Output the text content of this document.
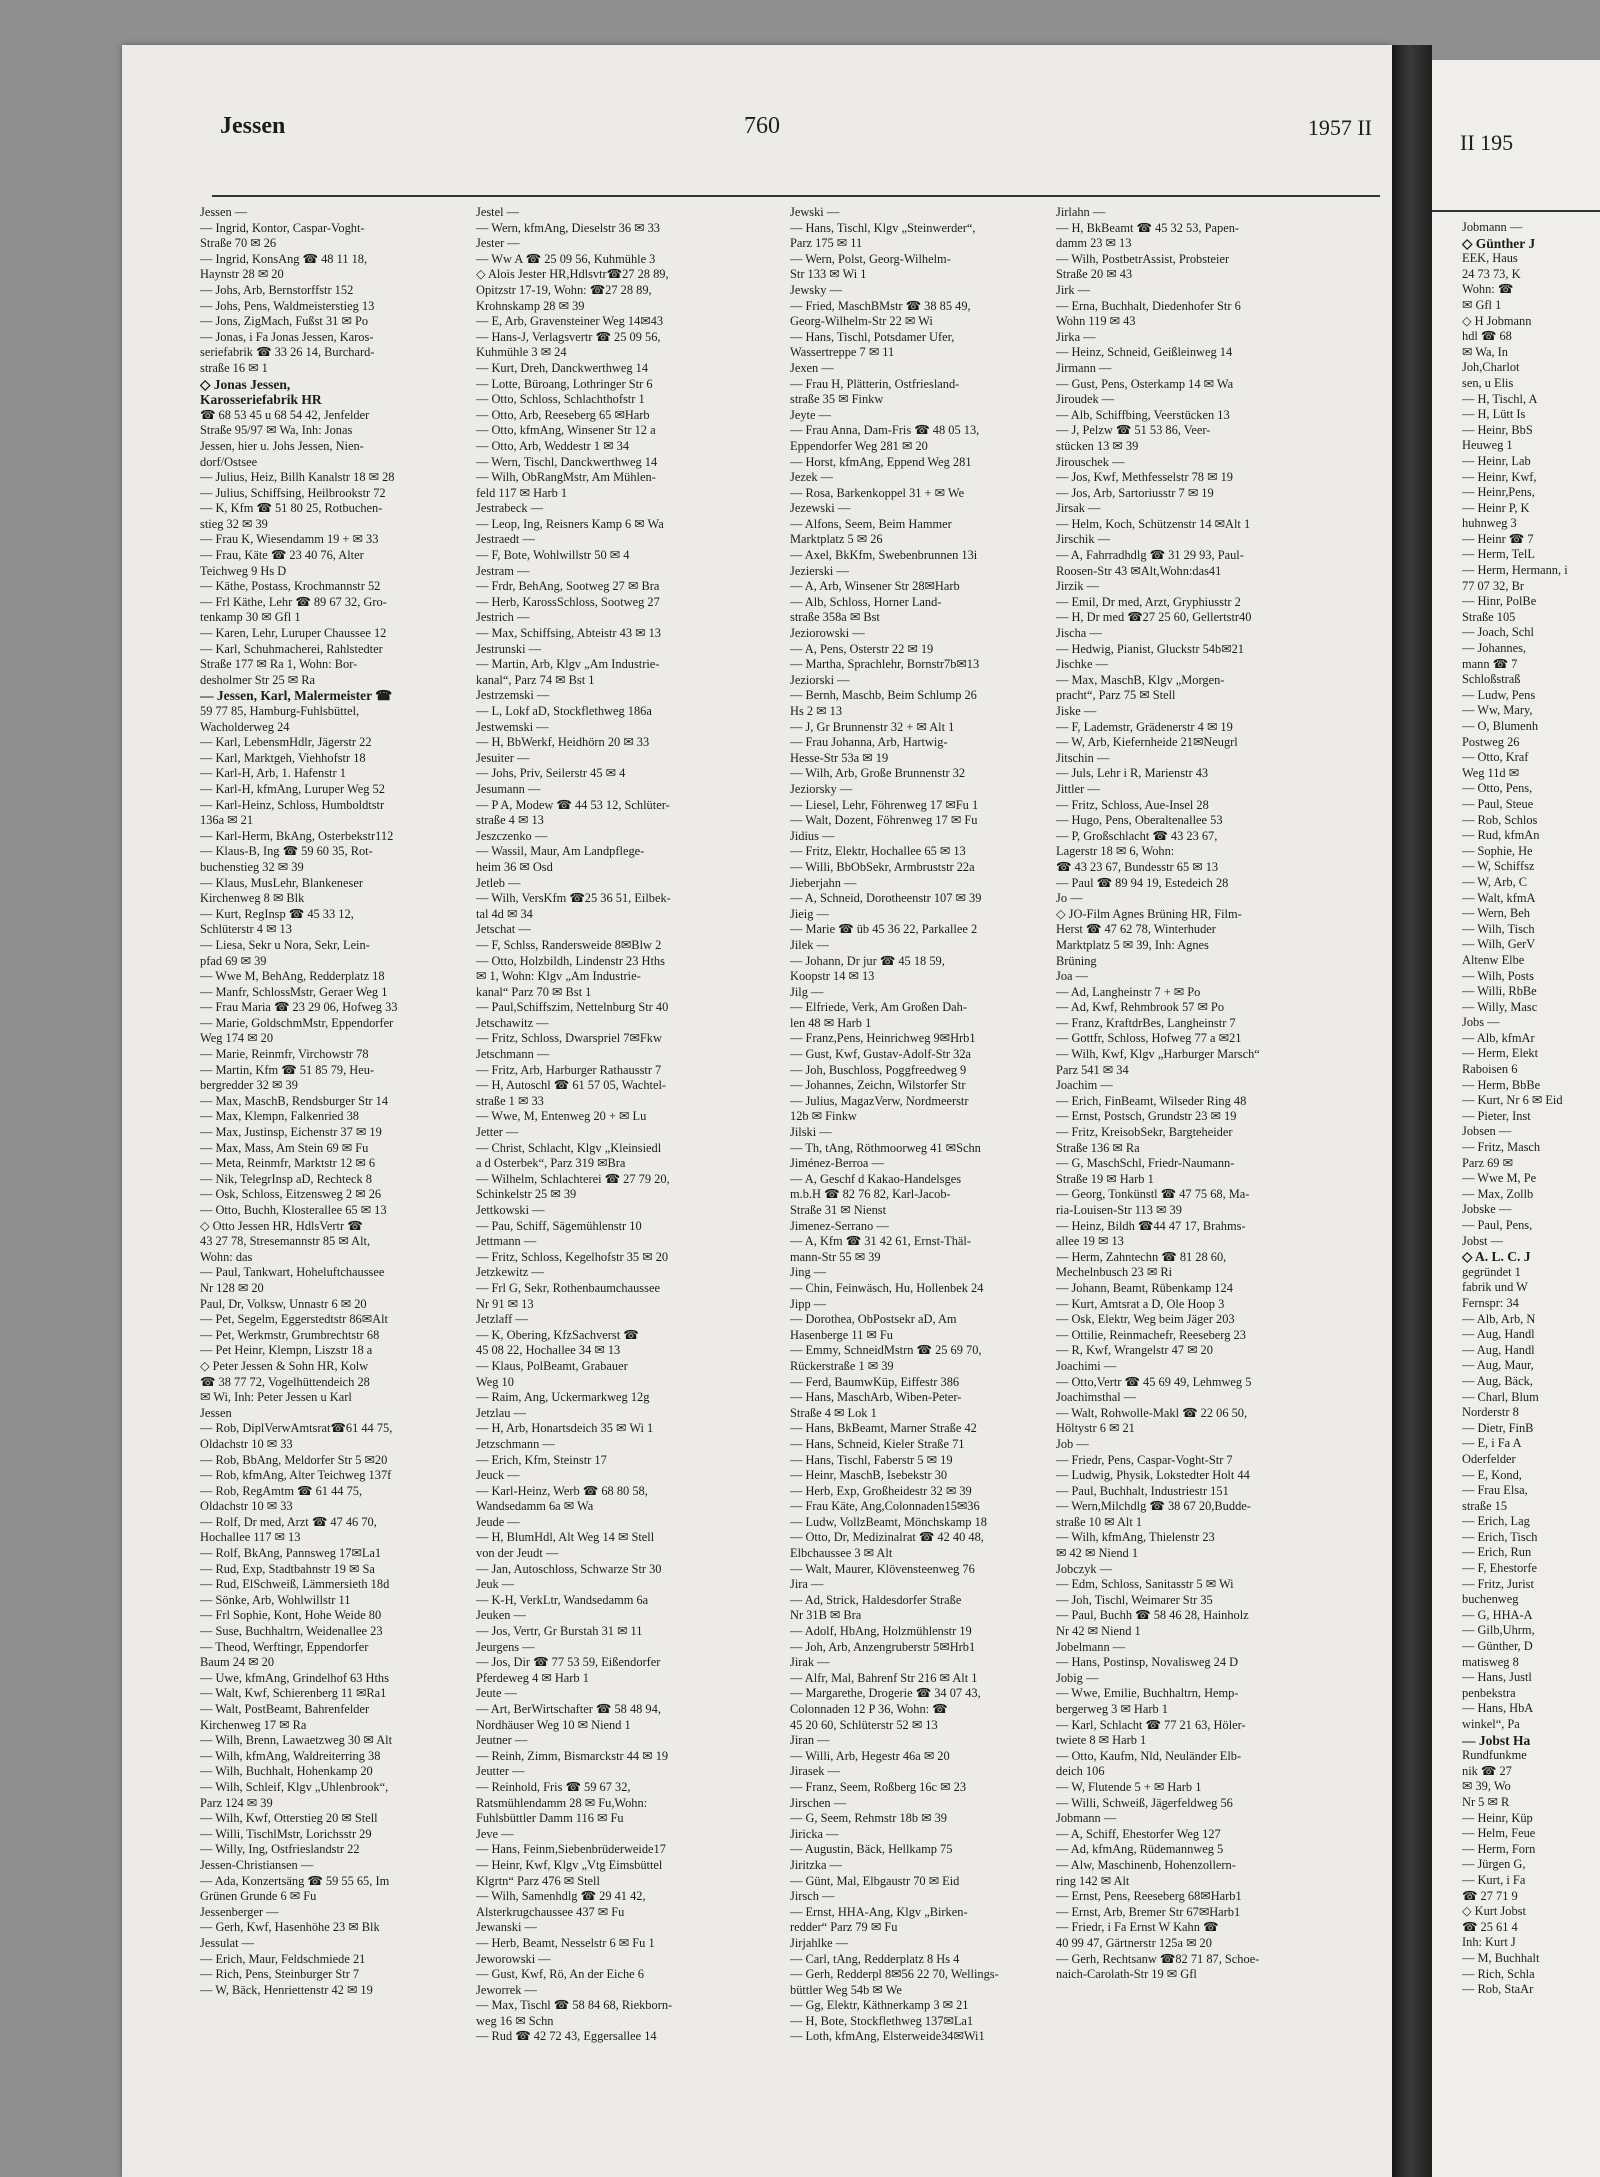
Jessen	760	1957 II
Jessen —
— Ingrid, Kontor, Caspar-Voght-
Straße 70 ✉ 26
— Ingrid, KonsAng ☎ 48 11 18,
Haynstr 28 ✉ 20
— Johs, Arb, Bernstorffstr 152
— Johs, Pens, Waldmeisterstieg 13
— Jons, ZigMach, Fußst 31 ✉ Po
— Jonas, i Fa Jonas Jessen, Karos-
seriefabrik ☎ 33 26 14, Burchard-
straße 16 ✉ 1
◇ Jonas Jessen,
Karosseriefabrik HR
☎ 68 53 45 u 68 54 42, Jenfelder
Straße 95/97 ✉ Wa, Inh: Jonas
Jessen, hier u. Johs Jessen, Nien-
dorf/Ostsee
— Julius, Heiz, Billh Kanalstr 18 ✉ 28
— Julius, Schiffsing, Heilbrookstr 72
— K, Kfm ☎ 51 80 25, Rotbuchen-
stieg 32 ✉ 39
— Frau K, Wiesendamm 19 + ✉ 33
— Frau, Käte ☎ 23 40 76, Alter
Teichweg 9 Hs D
— Käthe, Postass, Krochmannstr 52
— Frl Käthe, Lehr ☎ 89 67 32, Gro-
tenkamp 30 ✉ Gfl 1
— Karen, Lehr, Luruper Chaussee 12
— Karl, Schuhmacherei, Rahlstedter
Straße 177 ✉ Ra 1, Wohn: Bor-
desholmer Str 25 ✉ Ra
— Jessen, Karl, Malermeister ☎
59 77 85, Hamburg-Fuhlsbüttel,
Wacholderweg 24
— Karl, LebensmHdlr, Jägerstr 22
— Karl, Marktgeh, Viehhofstr 18
— Karl-H, Arb, 1. Hafenstr 1
— Karl-H, kfmAng, Luruper Weg 52
— Karl-Heinz, Schloss, Humboldtstr
136a ✉ 21
— Karl-Herm, BkAng, Osterbekstr112
— Klaus-B, Ing ☎ 59 60 35, Rot-
buchenstieg 32 ✉ 39
— Klaus, MusLehr, Blankeneser
Kirchenweg 8 ✉ Blk
— Kurt, RegInsp ☎ 45 33 12,
Schlüterstr 4 ✉ 13
— Liesa, Sekr u Nora, Sekr, Lein-
pfad 69 ✉ 39
— Wwe M, BehAng, Redderplatz 18
— Manfr, SchlossMstr, Geraer Weg 1
— Frau Maria ☎ 23 29 06, Hofweg 33
— Marie, GoldschmMstr, Eppendorfer
Weg 174 ✉ 20
— Marie, Reinmfr, Virchowstr 78
— Martin, Kfm ☎ 51 85 79, Heu-
bergredder 32 ✉ 39
— Max, MaschB, Rendsburger Str 14
— Max, Klempn, Falkenried 38
— Max, Justinsp, Eichenstr 37 ✉ 19
— Max, Mass, Am Stein 69 ✉ Fu
— Meta, Reinmfr, Marktstr 12 ✉ 6
— Nik, TelegrInsp aD, Rechteck 8
— Osk, Schloss, Eitzensweg 2 ✉ 26
— Otto, Buchh, Klosterallee 65 ✉ 13
◇ Otto Jessen HR, HdlsVertr ☎
43 27 78, Stresemannstr 85 ✉ Alt,
Wohn: das
— Paul, Tankwart, Hoheluftchaussee
Nr 128 ✉ 20
Paul, Dr, Volksw, Unnastr 6 ✉ 20
— Pet, Segelm, Eggerstedtstr 86✉Alt
— Pet, Werkmstr, Grumbrechtstr 68
— Pet Heinr, Klempn, Liszstr 18 a
◇ Peter Jessen & Sohn HR, Kolw
☎ 38 77 72, Vogelhüttendeich 28
✉ Wi, Inh: Peter Jessen u Karl
Jessen
— Rob, DiplVerwAmtsrat☎61 44 75,
Oldachstr 10 ✉ 33
— Rob, BbAng, Meldorfer Str 5 ✉20
— Rob, kfmAng, Alter Teichweg 137f
— Rob, RegAmtm ☎ 61 44 75,
Oldachstr 10 ✉ 33
— Rolf, Dr med, Arzt ☎ 47 46 70,
Hochallee 117 ✉ 13
— Rolf, BkAng, Pannsweg 17✉La1
— Rud, Exp, Stadtbahnstr 19 ✉ Sa
— Rud, ElSchweiß, Lämmersieth 18d
— Sönke, Arb, Wohlwillstr 11
— Frl Sophie, Kont, Hohe Weide 80
— Suse, Buchhaltrn, Weidenallee 23
— Theod, Werftingr, Eppendorfer
Baum 24 ✉ 20
— Uwe, kfmAng, Grindelhof 63 Hths
— Walt, Kwf, Schierenberg 11 ✉Ra1
— Walt, PostBeamt, Bahrenfelder
Kirchenweg 17 ✉ Ra
— Wilh, Brenn, Lawaetzweg 30 ✉ Alt
— Wilh, kfmAng, Waldreiterring 38
— Wilh, Buchhalt, Hohenkamp 20
— Wilh, Schleif, Klgv „Uhlenbrook“,
Parz 124 ✉ 39
— Wilh, Kwf, Otterstieg 20 ✉ Stell
— Willi, TischlMstr, Lorichsstr 29
— Willy, Ing, Ostfrieslandstr 22
Jessen-Christiansen —
— Ada, Konzertsäng ☎ 59 55 65, Im
Grünen Grunde 6 ✉ Fu
Jessenberger —
— Gerh, Kwf, Hasenhöhe 23 ✉ Blk
Jessulat —
— Erich, Maur, Feldschmiede 21
— Rich, Pens, Steinburger Str 7
— W, Bäck, Henriettenstr 42 ✉ 19
Jestel —
— Wern, kfmAng, Dieselstr 36 ✉ 33
Jester —
— Ww A ☎ 25 09 56, Kuhmühle 3
◇ Alois Jester HR,Hdlsvtr☎27 28 89,
Opitzstr 17-19, Wohn: ☎27 28 89,
Krohnskamp 28 ✉ 39
— E, Arb, Gravensteiner Weg 14✉43
— Hans-J, Verlagsvertr ☎ 25 09 56,
Kuhmühle 3 ✉ 24
— Kurt, Dreh, Danckwerthweg 14
— Lotte, Büroang, Lothringer Str 6
— Otto, Schloss, Schlachthofstr 1
— Otto, Arb, Reeseberg 65 ✉Harb
— Otto, kfmAng, Winsener Str 12 a
— Otto, Arb, Weddestr 1 ✉ 34
— Wern, Tischl, Danckwerthweg 14
— Wilh, ObRangMstr, Am Mühlen-
feld 117 ✉ Harb 1
Jestrabeck —
— Leop, Ing, Reisners Kamp 6 ✉ Wa
Jestraedt —
— F, Bote, Wohlwillstr 50 ✉ 4
Jestram —
— Frdr, BehAng, Sootweg 27 ✉ Bra
— Herb, KarossSchloss, Sootweg 27
Jestrich —
— Max, Schiffsing, Abteistr 43 ✉ 13
Jestrunski —
— Martin, Arb, Klgv „Am Industrie-
kanal“, Parz 74 ✉ Bst 1
Jestrzemski —
— L, Lokf aD, Stockflethweg 186a
Jestwemski —
— H, BbWerkf, Heidhörn 20 ✉ 33
Jesuiter —
— Johs, Priv, Seilerstr 45 ✉ 4
Jesumann —
— P A, Modew ☎ 44 53 12, Schlüter-
straße 4 ✉ 13
Jeszczenko —
— Wassil, Maur, Am Landpflege-
heim 36 ✉ Osd
Jetleb —
— Wilh, VersKfm ☎25 36 51, Eilbek-
tal 4d ✉ 34
Jetschat —
— F, Schlss, Randersweide 8✉Blw 2
— Otto, Holzbildh, Lindenstr 23 Hths
✉ 1, Wohn: Klgv „Am Industrie-
kanal“ Parz 70 ✉ Bst 1
— Paul,Schiffszim, Nettelnburg Str 40
Jetschawitz —
— Fritz, Schloss, Dwarspriel 7✉Fkw
Jetschmann —
— Fritz, Arb, Harburger Rathausstr 7
— H, Autoschl ☎ 61 57 05, Wachtel-
straße 1 ✉ 33
— Wwe, M, Entenweg 20 + ✉ Lu
Jetter —
— Christ, Schlacht, Klgv „Kleinsiedl
a d Osterbek“, Parz 319 ✉Bra
— Wilhelm, Schlachterei ☎ 27 79 20,
Schinkelstr 25 ✉ 39
Jettkowski —
— Pau, Schiff, Sägemühlenstr 10
Jettmann —
— Fritz, Schloss, Kegelhofstr 35 ✉ 20
Jetzkewitz —
— Frl G, Sekr, Rothenbaumchaussee
Nr 91 ✉ 13
Jetzlaff —
— K, Obering, KfzSachverst ☎
45 08 22, Hochallee 34 ✉ 13
— Klaus, PolBeamt, Grabauer
Weg 10
— Raim, Ang, Uckermarkweg 12g
Jetzlau —
— H, Arb, Honartsdeich 35 ✉ Wi 1
Jetzschmann —
— Erich, Kfm, Steinstr 17
Jeuck —
— Karl-Heinz, Werb ☎ 68 80 58,
Wandsedamm 6a ✉ Wa
Jeude —
— H, BlumHdl, Alt Weg 14 ✉ Stell
von der Jeudt —
— Jan, Autoschloss, Schwarze Str 30
Jeuk —
— K-H, VerkLtr, Wandsedamm 6a
Jeuken —
— Jos, Vertr, Gr Burstah 31 ✉ 11
Jeurgens —
— Jos, Dir ☎ 77 53 59, Eißendorfer
Pferdeweg 4 ✉ Harb 1
Jeute —
— Art, BerWirtschafter ☎ 58 48 94,
Nordhäuser Weg 10 ✉ Niend 1
Jeutner —
— Reinh, Zimm, Bismarckstr 44 ✉ 19
Jeutter —
— Reinhold, Fris ☎ 59 67 32,
Ratsmühlendamm 28 ✉ Fu,Wohn:
Fuhlsbüttler Damm 116 ✉ Fu
Jeve —
— Hans, Feinm,Siebenbrüderweide17
— Heinr, Kwf, Klgv „Vtg Eimsbüttel
Klgrtn“ Parz 476 ✉ Stell
— Wilh, Samenhdlg ☎ 29 41 42,
Alsterkrugchaussee 437 ✉ Fu
Jewanski —
— Herb, Beamt, Nesselstr 6 ✉ Fu 1
Jeworowski —
— Gust, Kwf, Rö, An der Eiche 6
Jeworrek —
— Max, Tischl ☎ 58 84 68, Riekborn-
weg 16 ✉ Schn
— Rud ☎ 42 72 43, Eggersallee 14
Jewski —
— Hans, Tischl, Klgv „Steinwerder“,
Parz 175 ✉ 11
— Wern, Polst, Georg-Wilhelm-
Str 133 ✉ Wi 1
Jewsky —
— Fried, MaschBMstr ☎ 38 85 49,
Georg-Wilhelm-Str 22 ✉ Wi
— Hans, Tischl, Potsdamer Ufer,
Wassertreppe 7 ✉ 11
Jexen —
— Frau H, Plätterin, Ostfriesland-
straße 35 ✉ Finkw
Jeyte —
— Frau Anna, Dam-Fris ☎ 48 05 13,
Eppendorfer Weg 281 ✉ 20
— Horst, kfmAng, Eppend Weg 281
Jezek —
— Rosa, Barkenkoppel 31 + ✉ We
Jezewski —
— Alfons, Seem, Beim Hammer
Marktplatz 5 ✉ 26
— Axel, BkKfm, Swebenbrunnen 13i
Jezierski —
— A, Arb, Winsener Str 28✉Harb
— Alb, Schloss, Horner Land-
straße 358a ✉ Bst
Jeziorowski —
— A, Pens, Osterstr 22 ✉ 19
— Martha, Sprachlehr, Bornstr7b✉13
Jeziorski —
— Bernh, Maschb, Beim Schlump 26
Hs 2 ✉ 13
— J, Gr Brunnenstr 32 + ✉ Alt 1
— Frau Johanna, Arb, Hartwig-
Hesse-Str 53a ✉ 19
— Wilh, Arb, Große Brunnenstr 32
Jeziorsky —
— Liesel, Lehr, Föhrenweg 17 ✉Fu 1
— Walt, Dozent, Föhrenweg 17 ✉ Fu
Jidius —
— Fritz, Elektr, Hochallee 65 ✉ 13
— Willi, BbObSekr, Armbruststr 22a
Jieberjahn —
— A, Schneid, Dorotheenstr 107 ✉ 39
Jieig —
— Marie ☎ üb 45 36 22, Parkallee 2
Jilek —
— Johann, Dr jur ☎ 45 18 59,
Koopstr 14 ✉ 13
Jilg —
— Elfriede, Verk, Am Großen Dah-
len 48 ✉ Harb 1
— Franz,Pens, Heinrichweg 9✉Hrb1
— Gust, Kwf, Gustav-Adolf-Str 32a
— Joh, Buschloss, Poggfreedweg 9
— Johannes, Zeichn, Wilstorfer Str
— Julius, MagazVerw, Nordmeerstr
12b ✉ Finkw
Jilski —
— Th, tAng, Röthmoorweg 41 ✉Schn
Jiménez-Berroa —
— A, Geschf d Kakao-Handelsges
m.b.H ☎ 82 76 82, Karl-Jacob-
Straße 31 ✉ Nienst
Jimenez-Serrano —
— A, Kfm ☎ 31 42 61, Ernst-Thäl-
mann-Str 55 ✉ 39
Jing —
— Chin, Feinwäsch, Hu, Hollenbek 24
Jipp —
— Dorothea, ObPostsekr aD, Am
Hasenberge 11 ✉ Fu
— Emmy, SchneidMstrn ☎ 25 69 70,
Rückerstraße 1 ✉ 39
— Ferd, BaumwKüp, Eiffestr 386
— Hans, MaschArb, Wiben-Peter-
Straße 4 ✉ Lok 1
— Hans, BkBeamt, Marner Straße 42
— Hans, Schneid, Kieler Straße 71
— Hans, Tischl, Faberstr 5 ✉ 19
— Heinr, MaschB, Isebekstr 30
— Herb, Exp, Großheidestr 32 ✉ 39
— Frau Käte, Ang,Colonnaden15✉36
— Ludw, VollzBeamt, Mönchskamp 18
— Otto, Dr, Medizinalrat ☎ 42 40 48,
Elbchaussee 3 ✉ Alt
— Walt, Maurer, Klövensteenweg 76
Jira —
— Ad, Strick, Haldesdorfer Straße
Nr 31B ✉ Bra
— Adolf, HbAng, Holzmühlenstr 19
— Joh, Arb, Anzengruberstr 5✉Hrb1
Jirak —
— Alfr, Mal, Bahrenf Str 216 ✉ Alt 1
— Margarethe, Drogerie ☎ 34 07 43,
Colonnaden 12 P 36, Wohn: ☎
45 20 60, Schlüterstr 52 ✉ 13
Jiran —
— Willi, Arb, Hegestr 46a ✉ 20
Jirasek —
— Franz, Seem, Roßberg 16c ✉ 23
Jirschen —
— G, Seem, Rehmstr 18b ✉ 39
Jiricka —
— Augustin, Bäck, Hellkamp 75
Jiritzka —
— Günt, Mal, Elbgaustr 70 ✉ Eid
Jirsch —
— Ernst, HHA-Ang, Klgv „Birken-
redder“ Parz 79 ✉ Fu
Jirjahlke —
— Carl, tAng, Redderplatz 8 Hs 4
— Gerh, Redderpl 8✉56 22 70, Wellings-
büttler Weg 54b ✉ We
— Gg, Elektr, Käthnerkamp 3 ✉ 21
— H, Bote, Stockflethweg 137✉La1
— Loth, kfmAng, Elsterweide34✉Wi1
Jirlahn —
— H, BkBeamt ☎ 45 32 53, Papen-
damm 23 ✉ 13
— Wilh, PostbetrAssist, Probsteier
Straße 20 ✉ 43
Jirk —
— Erna, Buchhalt, Diedenhofer Str 6
Wohn 119 ✉ 43
Jirka —
— Heinz, Schneid, Geißleinweg 14
Jirmann —
— Gust, Pens, Osterkamp 14 ✉ Wa
Jiroudek —
— Alb, Schiffbing, Veerstücken 13
— J, Pelzw ☎ 51 53 86, Veer-
stücken 13 ✉ 39
Jirouschek —
— Jos, Kwf, Methfesselstr 78 ✉ 19
— Jos, Arb, Sartoriusstr 7 ✉ 19
Jirsak —
— Helm, Koch, Schützenstr 14 ✉Alt 1
Jirschik —
— A, Fahrradhdlg ☎ 31 29 93, Paul-
Roosen-Str 43 ✉Alt,Wohn:das41
Jirzik —
— Emil, Dr med, Arzt, Gryphiusstr 2
— H, Dr med ☎27 25 60, Gellertstr40
Jischa —
— Hedwig, Pianist, Gluckstr 54b✉21
Jischke —
— Max, MaschB, Klgv „Morgen-
pracht“, Parz 75 ✉ Stell
Jiske —
— F, Lademstr, Grädenerstr 4 ✉ 19
— W, Arb, Kiefernheide 21✉Neugrl
Jitschin —
— Juls, Lehr i R, Marienstr 43
Jittler —
— Fritz, Schloss, Aue-Insel 28
— Hugo, Pens, Oberaltenallee 53
— P, Großschlacht ☎ 43 23 67,
Lagerstr 18 ✉ 6, Wohn:
☎ 43 23 67, Bundesstr 65 ✉ 13
— Paul ☎ 89 94 19, Estedeich 28
Jo —
◇ JO-Film Agnes Brüning HR, Film-
Herst ☎ 47 62 78, Winterhuder
Marktplatz 5 ✉ 39, Inh: Agnes
Brüning
Joa —
— Ad, Langheinstr 7 + ✉ Po
— Ad, Kwf, Rehmbrook 57 ✉ Po
— Franz, KraftdrBes, Langheinstr 7
— Gottfr, Schloss, Hofweg 77 a ✉21
— Wilh, Kwf, Klgv „Harburger Marsch“
Parz 541 ✉ 34
Joachim —
— Erich, FinBeamt, Wilseder Ring 48
— Ernst, Postsch, Grundstr 23 ✉ 19
— Fritz, KreisobSekr, Bargteheider
Straße 136 ✉ Ra
— G, MaschSchl, Friedr-Naumann-
Straße 19 ✉ Harb 1
— Georg, Tonkünstl ☎ 47 75 68, Ma-
ria-Louisen-Str 113 ✉ 39
— Heinz, Bildh ☎44 47 17, Brahms-
allee 19 ✉ 13
— Herm, Zahntechn ☎ 81 28 60,
Mechelnbusch 23 ✉ Ri
— Johann, Beamt, Rübenkamp 124
— Kurt, Amtsrat a D, Ole Hoop 3
— Osk, Elektr, Weg beim Jäger 203
— Ottilie, Reinmachefr, Reeseberg 23
— R, Kwf, Wrangelstr 47 ✉ 20
Joachimi —
— Otto,Vertr ☎ 45 69 49, Lehmweg 5
Joachimsthal —
— Walt, Rohwolle-Makl ☎ 22 06 50,
Höltystr 6 ✉ 21
Job —
— Friedr, Pens, Caspar-Voght-Str 7
— Ludwig, Physik, Lokstedter Holt 44
— Paul, Buchhalt, Industriestr 151
— Wern,Milchdlg ☎ 38 67 20,Budde-
straße 10 ✉ Alt 1
— Wilh, kfmAng, Thielenstr 23
✉ 42 ✉ Niend 1
Jobczyk —
— Edm, Schloss, Sanitasstr 5 ✉ Wi
— Joh, Tischl, Weimarer Str 35
— Paul, Buchh ☎ 58 46 28, Hainholz
Nr 42 ✉ Niend 1
Jobelmann —
— Hans, Postinsp, Novalisweg 24 D
Jobig —
— Wwe, Emilie, Buchhaltrn, Hemp-
bergerweg 3 ✉ Harb 1
— Karl, Schlacht ☎ 77 21 63, Höler-
twiete 8 ✉ Harb 1
— Otto, Kaufm, Nld, Neuländer Elb-
deich 106
— W, Flutende 5 + ✉ Harb 1
— Willi, Schweiß, Jägerfeldweg 56
Jobmann —
— A, Schiff, Ehestorfer Weg 127
— Ad, kfmAng, Rüdemannweg 5
— Alw, Maschinenb, Hohenzollern-
ring 142 ✉ Alt
— Ernst, Pens, Reeseberg 68✉Harb1
— Ernst, Arb, Bremer Str 67✉Harb1
— Friedr, i Fa Ernst W Kahn ☎
40 99 47, Gärtnerstr 125a ✉ 20
— Gerh, Rechtsanw ☎82 71 87, Schoe-
naich-Carolath-Str 19 ✉ Gfl
II 195
Jobmann —
◇ Günther J
EEK, Haus
24 73 73, K
Wohn: ☎
✉ Gfl 1
◇ H Jobmann
hdl ☎ 68
✉ Wa, In
Joh,Charlot
sen, u Elis
— H, Tischl, A
— H, Lütt Is
— Heinr, BbS
Heuweg 1
— Heinr, Lab
— Heinr, Kwf,
— Heinr,Pens,
— Heinr P, K
huhnweg 3
— Heinr ☎ 7
— Herm, TelL
— Herm, Hermann, i
77 07 32, Br
— Hinr, PolBe
Straße 105
— Joach, Schl
— Johannes,
mann ☎ 7
Schloßstraß
— Ludw, Pens
— Ww, Mary,
— O, Blumenh
Postweg 26
— Otto, Kraf
Weg 11d ✉
— Otto, Pens,
— Paul, Steue
— Rob, Schlos
— Rud, kfmAn
— Sophie, He
— W, Schiffsz
— W, Arb, C
— Walt, kfmA
— Wern, Beh
— Wilh, Tisch
— Wilh, GerV
Altenw Elbe
— Wilh, Posts
— Willi, RbBe
— Willy, Masc
Jobs —
— Alb, kfmAr
— Herm, Elekt
Raboisen 6
— Herm, BbBe
— Kurt, Nr 6 ✉ Eid
— Pieter, Inst
Jobsen —
— Fritz, Masch
Parz 69 ✉
— Wwe M, Pe
— Max, Zollb
Jobske —
— Paul, Pens,
Jobst —
◇ A. L. C. J
gegründet 1
fabrik und W
Fernspr: 34
— Alb, Arb, N
— Aug, Handl
— Aug, Handl
— Aug, Maur,
— Aug, Bäck,
— Charl, Blum
Norderstr 8
— Dietr, FinB
— E, i Fa A
Oderfelder
— E, Kond,
— Frau Elsa,
straße 15
— Erich, Lag
— Erich, Tisch
— Erich, Run
— F, Ehestorfe
— Fritz, Jurist
buchenweg
— G, HHA-A
— Gilb,Uhrm,
— Günther, D
matisweg 8
— Hans, Justl
penbekstra
— Hans, HbA
winkel“, Pa
— Jobst Ha
Rundfunkme
nik ☎ 27
✉ 39, Wo
Nr 5 ✉ R
— Heinr, Küp
— Helm, Feue
— Herm, Forn
— Jürgen G,
— Kurt, i Fa
☎ 27 71 9
◇ Kurt Jobst
☎ 25 61 4
Inh: Kurt J
— M, Buchhalt
— Rich, Schla
— Rob, StaAr
